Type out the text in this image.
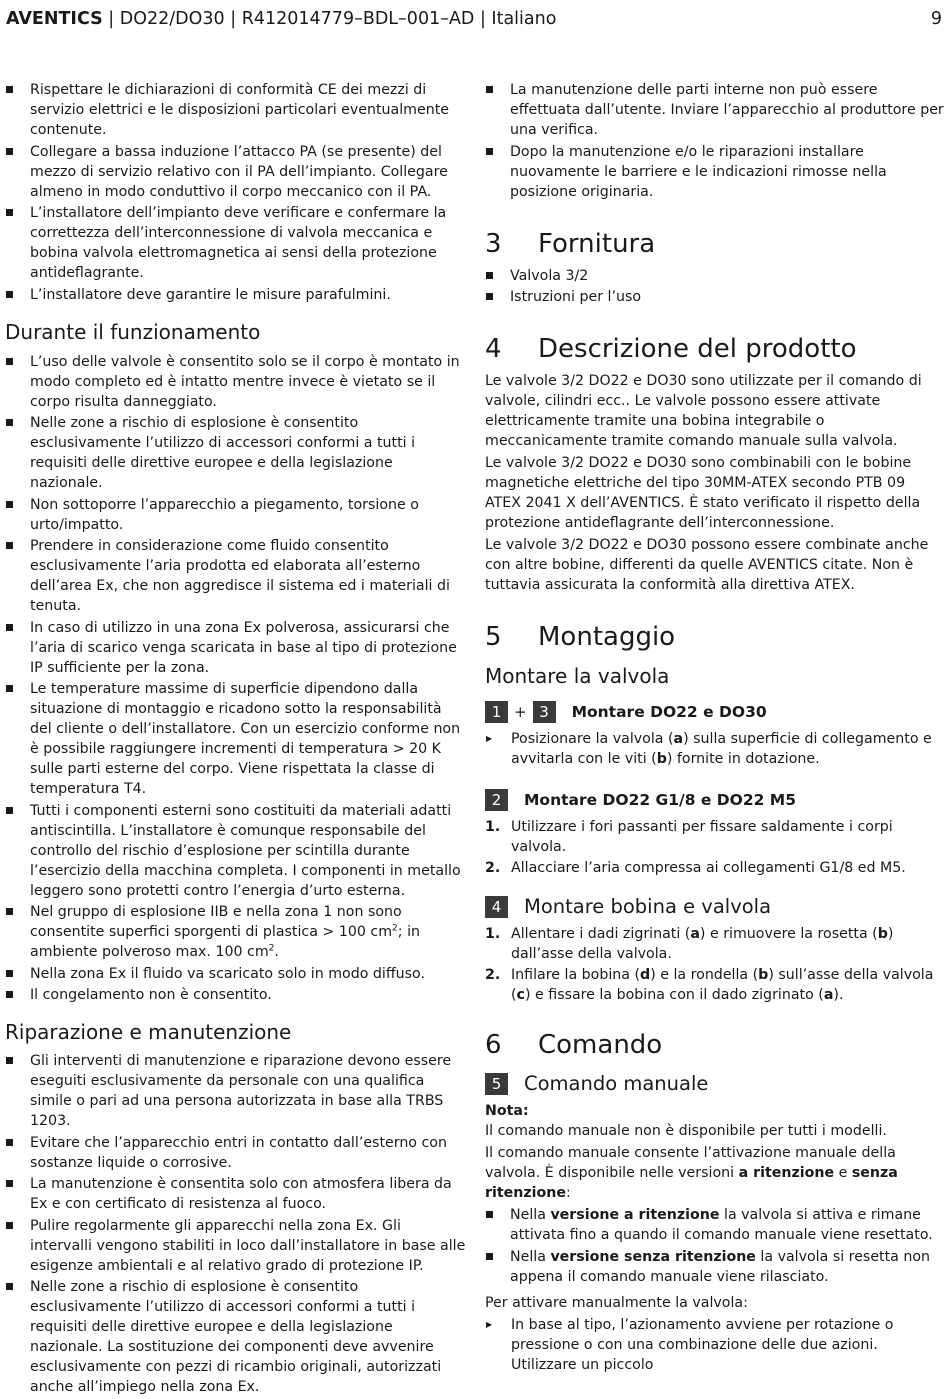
AVENTICS | DO22/DO30 | R412014779–BDL–001–AD | Italiano	9
Rispettare le dichiarazioni di conformità CE dei mezzi di servizio elettrici e le disposizioni particolari eventualmente contenute.
Collegare a bassa induzione l’attacco PA (se presente) del mezzo di servizio relativo con il PA dell’impianto. Collegare almeno in modo conduttivo il corpo meccanico con il PA.
L’installatore dell’impianto deve verificare e confermare la correttezza dell’interconnessione di valvola meccanica e bobina valvola elettromagnetica ai sensi della protezione antideflagrante.
L’installatore deve garantire le misure parafulmini.
Durante il funzionamento
L’uso delle valvole è consentito solo se il corpo è montato in modo completo ed è intatto mentre invece è vietato se il corpo risulta danneggiato.
Nelle zone a rischio di esplosione è consentito esclusivamente l’utilizzo di accessori conformi a tutti i requisiti delle direttive europee e della legislazione nazionale.
Non sottoporre l’apparecchio a piegamento, torsione o urto/impatto.
Prendere in considerazione come fluido consentito esclusivamente l’aria prodotta ed elaborata all’esterno dell’area Ex, che non aggredisce il sistema ed i materiali di tenuta.
In caso di utilizzo in una zona Ex polverosa, assicurarsi che l’aria di scarico venga scaricata in base al tipo di protezione IP sufficiente per la zona.
Le temperature massime di superficie dipendono dalla situazione di montaggio e ricadono sotto la responsabilità del cliente o dell’installatore. Con un esercizio conforme non è possibile raggiungere incrementi di temperatura > 20 K sulle parti esterne del corpo. Viene rispettata la classe di temperatura T4.
Tutti i componenti esterni sono costituiti da materiali adatti antiscintilla. L’installatore è comunque responsabile del controllo del rischio d’esplosione per scintilla durante l’esercizio della macchina completa. I componenti in metallo leggero sono protetti contro l’energia d’urto esterna.
Nel gruppo di esplosione IIB e nella zona 1 non sono consentite superfici sporgenti di plastica > 100 $cm^2$; in ambiente polveroso max. 100 $cm^2$.
Nella zona Ex il fluido va scaricato solo in modo diffuso.
Il congelamento non è consentito.
Riparazione e manutenzione
Gli interventi di manutenzione e riparazione devono essere eseguiti esclusivamente da personale con una qualifica simile o pari ad una persona autorizzata in base alla TRBS 1203.
Evitare che l’apparecchio entri in contatto dall’esterno con sostanze liquide o corrosive.
La manutenzione è consentita solo con atmosfera libera da Ex e con certificato di resistenza al fuoco.
Pulire regolarmente gli apparecchi nella zona Ex. Gli intervalli vengono stabiliti in loco dall’installatore in base alle esigenze ambientali e al relativo grado di protezione IP.
Nelle zone a rischio di esplosione è consentito esclusivamente l’utilizzo di accessori conformi a tutti i requisiti delle direttive europee e della legislazione nazionale. La sostituzione dei componenti deve avvenire esclusivamente con pezzi di ricambio originali, autorizzati anche all’impiego nella zona Ex.
La manutenzione delle parti interne non può essere effettuata dall’utente. Inviare l’apparecchio al produttore per una verifica.
Dopo la manutenzione e/o le riparazioni installare nuovamente le barriere e le indicazioni rimosse nella posizione originaria.
3	Fornitura
Valvola 3/2
Istruzioni per l’uso
4	Descrizione del prodotto

Le valvole 3/2 DO22 e DO30 sono utilizzate per il comando di valvole, cilindri ecc.. Le valvole possono essere attivate elettricamente tramite una bobina integrabile o meccanicamente tramite comando manuale sulla valvola.

Le valvole 3/2 DO22 e DO30 sono combinabili con le bobine magnetiche elettriche del tipo 30MM-ATEX secondo PTB 09 ATEX 2041 X dell’AVENTICS. È stato verificato il rispetto della protezione antideflagrante dell’interconnessione.

Le valvole 3/2 DO22 e DO30 possono essere combinate anche con altre bobine, differenti da quelle AVENTICS citate. Non è tuttavia assicurata la conformità alla direttiva ATEX.

5	Montaggio
Montare la valvola
1 + 3	Montare DO22 e DO30
▶ Posizionare la valvola (a) sulla superficie di collegamento e avvitarla con le viti (b) fornite in dotazione.
2	Montare DO22 G1/8 e DO22 M5
1. Utilizzare i fori passanti per fissare saldamente i corpi valvola.
2. Allacciare l’aria compressa ai collegamenti G1/8 ed M5.
4	Montare bobina e valvola
1. Allentare i dadi zigrinati (a) e rimuovere la rosetta (b) dall’asse della valvola.
2. Infilare la bobina (d) e la rondella (b) sull’asse della valvola (c) e fissare la bobina con il dado zigrinato (a).
6	Comando
5	Comando manuale

Nota:

Il comando manuale non è disponibile per tutti i modelli.

Il comando manuale consente l’attivazione manuale della valvola. È disponibile nelle versioni a ritenzione e senza ritenzione:

Nella versione a ritenzione la valvola si attiva e rimane attivata fino a quando il comando manuale viene resettato.
Nella versione senza ritenzione la valvola si resetta non appena il comando manuale viene rilasciato.

Per attivare manualmente la valvola:

▶ In base al tipo, l’azionamento avviene per rotazione o pressione o con una combinazione delle due azioni. Utilizzare un piccolo
